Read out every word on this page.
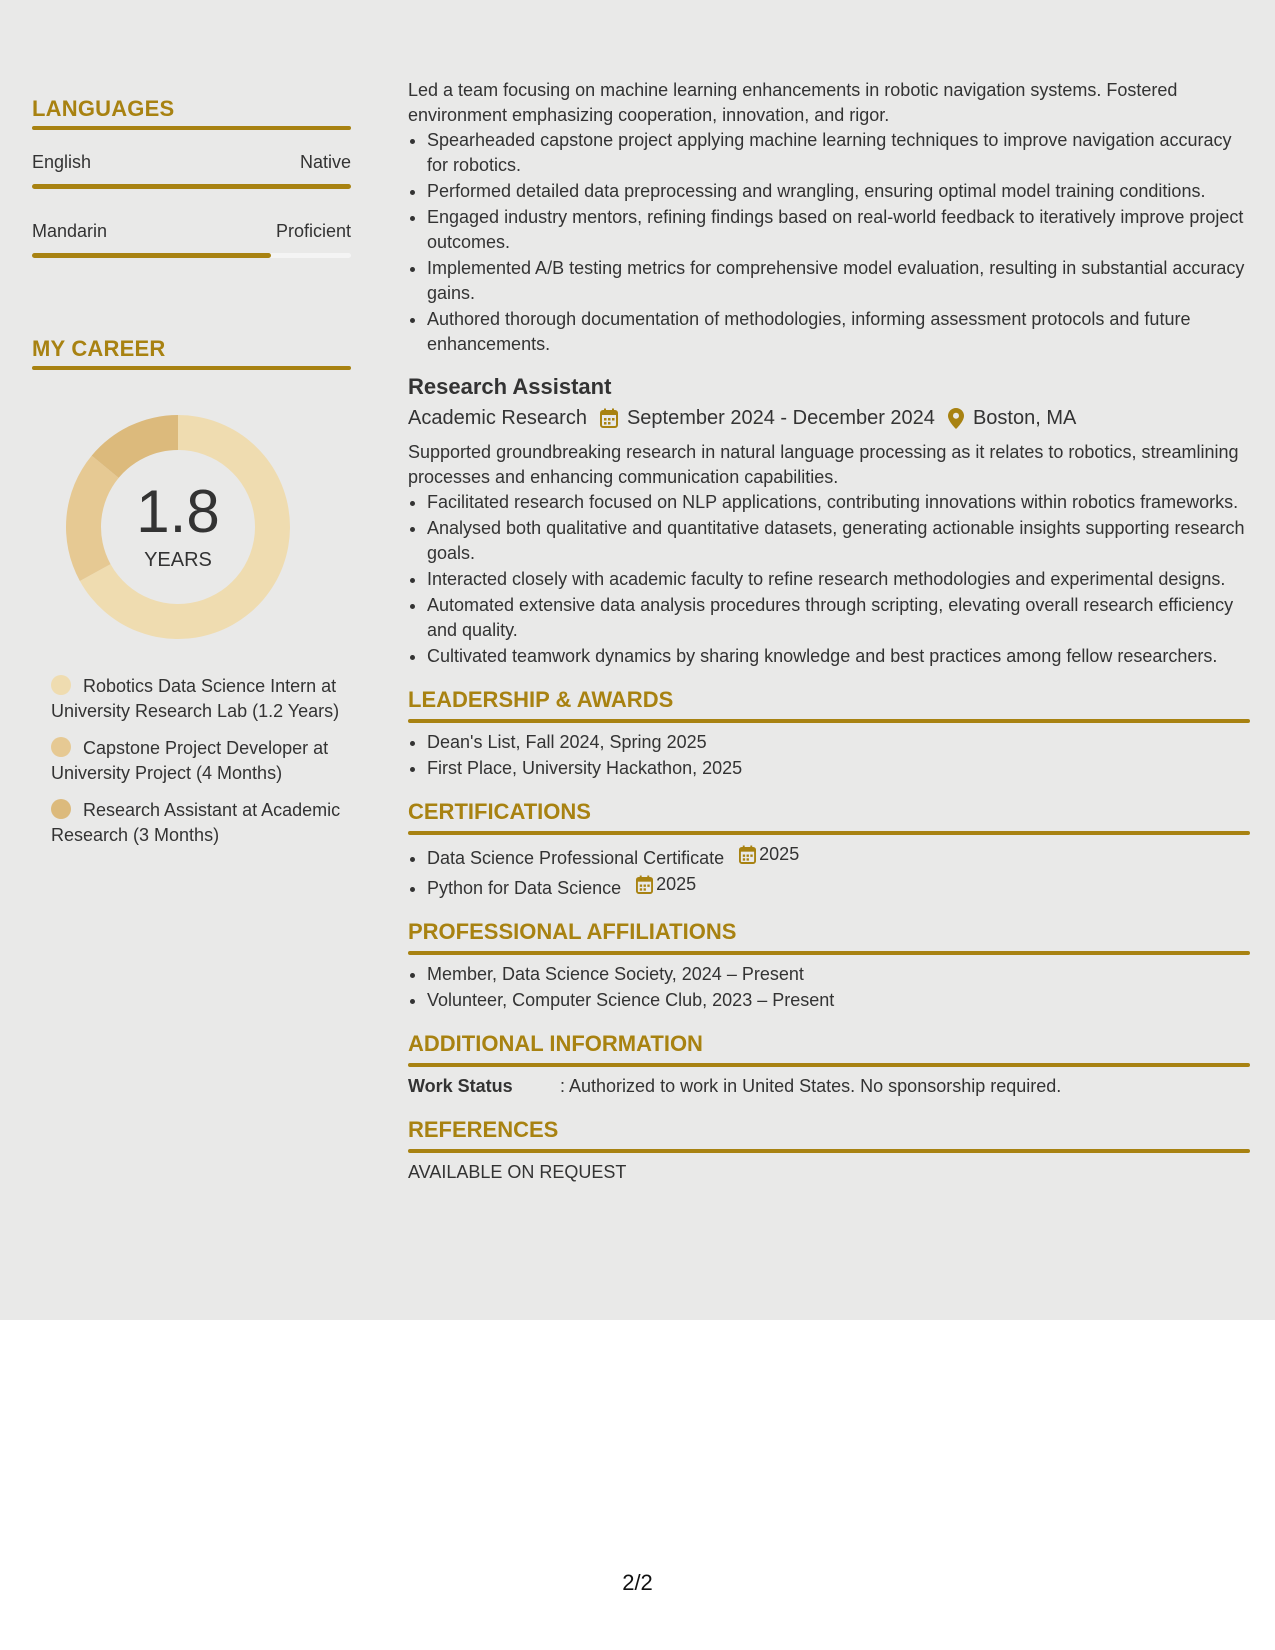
LANGUAGES
English	Native
Mandarin	Proficient
MY CAREER
1.8
YEARS
Robotics Data Science Intern at University Research Lab (1.2 Years)
Capstone Project Developer at University Project (4 Months)
Research Assistant at Academic Research (3 Months)

Led a team focusing on machine learning enhancements in robotic navigation systems. Fostered environment emphasizing cooperation, innovation, and rigor.

• Spearheaded capstone project applying machine learning techniques to improve navigation accuracy for robotics.
• Performed detailed data preprocessing and wrangling, ensuring optimal model training conditions.
• Engaged industry mentors, refining findings based on real-world feedback to iteratively improve project outcomes.
• Implemented A/B testing metrics for comprehensive model evaluation, resulting in substantial accuracy gains.
• Authored thorough documentation of methodologies, informing assessment protocols and future enhancements.
Research Assistant
Academic Research September 2024 - December 2024 Boston, MA

Supported groundbreaking research in natural language processing as it relates to robotics, streamlining processes and enhancing communication capabilities.

• Facilitated research focused on NLP applications, contributing innovations within robotics frameworks.
• Analysed both qualitative and quantitative datasets, generating actionable insights supporting research goals.
• Interacted closely with academic faculty to refine research methodologies and experimental designs.
• Automated extensive data analysis procedures through scripting, elevating overall research efficiency and quality.
• Cultivated teamwork dynamics by sharing knowledge and best practices among fellow researchers.
LEADERSHIP & AWARDS
• Dean's List, Fall 2024, Spring 2025
• First Place, University Hackathon, 2025
CERTIFICATIONS
• Data Science Professional Certificate 2025
• Python for Data Science 2025
PROFESSIONAL AFFILIATIONS
• Member, Data Science Society, 2024 – Present
• Volunteer, Computer Science Club, 2023 – Present
ADDITIONAL INFORMATION
Work Status	: Authorized to work in United States. No sponsorship required.
REFERENCES
AVAILABLE ON REQUEST
2/2
